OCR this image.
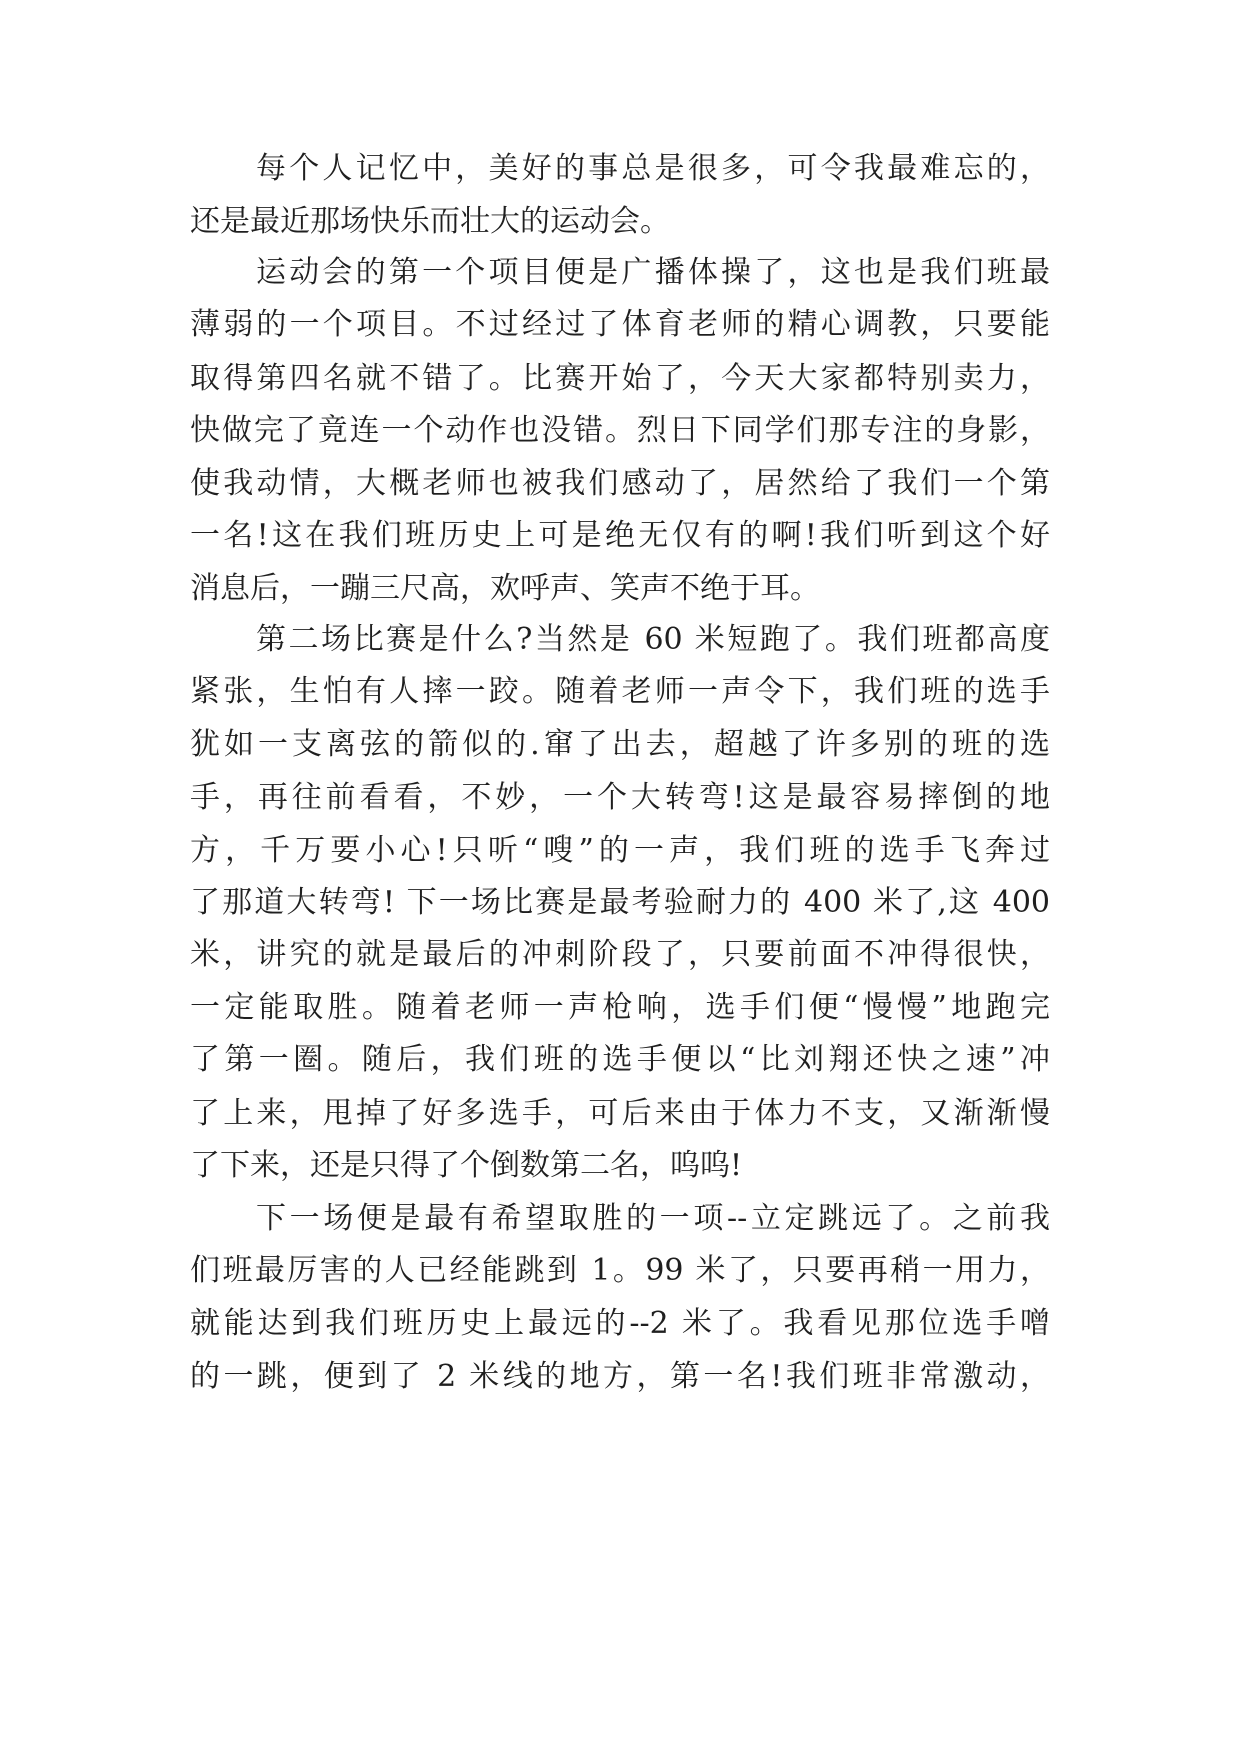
每个人记忆中，美好的事总是很多，可令我最难忘的，
还是最近那场快乐而壮大的运动会。
运动会的第一个项目便是广播体操了，这也是我们班最
薄弱的一个项目。不过经过了体育老师的精心调教，只要能
取得第四名就不错了。比赛开始了，今天大家都特别卖力，
快做完了竟连一个动作也没错。烈日下同学们那专注的身影，
使我动情，大概老师也被我们感动了，居然给了我们一个第
一名!这在我们班历史上可是绝无仅有的啊!我们听到这个好
消息后，一蹦三尺高，欢呼声、笑声不绝于耳。
第二场比赛是什么?当然是 60 米短跑了。我们班都高度
紧张，生怕有人摔一跤。随着老师一声令下，我们班的选手
犹如一支离弦的箭似的.窜了出去，超越了许多别的班的选
手，再往前看看，不妙，一个大转弯!这是最容易摔倒的地
方，千万要小心!只听“嗖”的一声，我们班的选手飞奔过
了那道大转弯! 下一场比赛是最考验耐力的 400 米了,这 400
米，讲究的就是最后的冲刺阶段了，只要前面不冲得很快，
一定能取胜。随着老师一声枪响，选手们便“慢慢”地跑完
了第一圈。随后，我们班的选手便以“比刘翔还快之速”冲
了上来，甩掉了好多选手，可后来由于体力不支，又渐渐慢
了下来，还是只得了个倒数第二名，呜呜!
下一场便是最有希望取胜的一项--立定跳远了。之前我
们班最厉害的人已经能跳到 1。99 米了，只要再稍一用力，
就能达到我们班历史上最远的--2 米了。我看见那位选手噌
的一跳，便到了 2 米线的地方，第一名!我们班非常激动，
